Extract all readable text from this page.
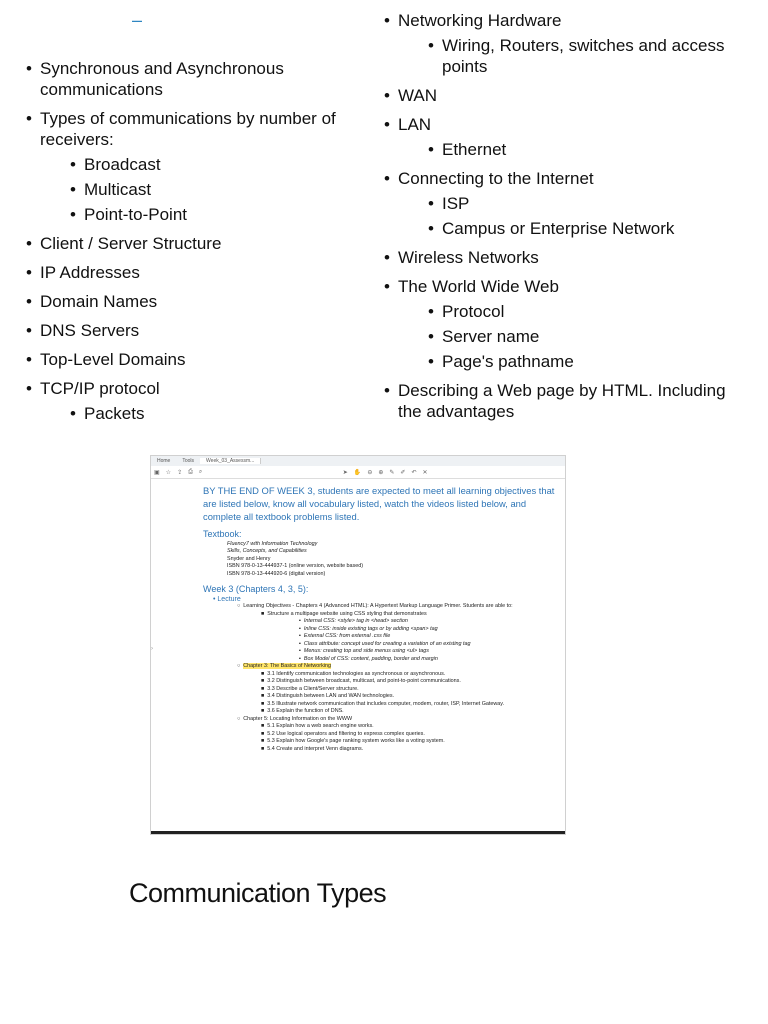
–
• Synchronous and Asynchronous communications
• Types of communications by number of receivers:
• Broadcast
• Multicast
• Point-to-Point
• Client / Server Structure
• IP Addresses
• Domain Names
• DNS Servers
• Top-Level Domains
• TCP/IP protocol
• Packets
• Networking Hardware
• Wiring, Routers, switches and access points
• WAN
• LAN
• Ethernet
• Connecting to the Internet
• ISP
• Campus or Enterprise Network
• Wireless Networks
• The World Wide Web
• Protocol
• Server name
• Page's pathname
• Describing a Web page by HTML. Including the advantages
Home	Tools	Week_03_Assessm...
▣ ☆ ⇪ ⎙ ⌕	➤ ✋ ⊖ ⊕ ✎ ✐ ↶ ✕
›
BY THE END OF WEEK 3, students are expected to meet all learning objectives that are listed below, know all vocabulary listed, watch the videos listed below, and complete all textbook problems listed.
Textbook:
Fluency7 with Information Technology
Skills, Concepts, and Capabilities
Snyder and Henry
ISBN 978-0-13-444937-1 (online version, website based)
ISBN 978-0-13-444920-6 (digital version)
Week 3 (Chapters 4, 3, 5):
• Lecture
○  Learning Objectives - Chapters 4 (Advanced HTML): A Hypertext Markup Language Primer. Students are able to:
■  Structure a multipage website using CSS styling that demonstrates
▪  Internal CSS: <style> tag in <head> section
▪  Inline CSS: inside existing tags or by adding <span> tag
▪  External CSS: from external .css file
▪  Class attribute: concept used for creating a variation of an existing tag
▪  Menus: creating top and side menus using <ul> tags
▪  Box Model of CSS: content, padding, border and margin
○  Chapter 3: The Basics of Networking
■  3.1 Identify communication technologies as synchronous or asynchronous.
■  3.2 Distinguish between broadcast, multicast, and point-to-point communications.
■  3.3 Describe a Client/Server structure.
■  3.4 Distinguish between LAN and WAN technologies.
■  3.5 Illustrate network communication that includes computer, modem, router, ISP, Internet Gateway.
■  3.6 Explain the function of DNS.
○  Chapter 5: Locating Information on the WWW
■  5.1 Explain how a web search engine works.
■  5.2 Use logical operators and filtering to express complex queries.
■  5.3 Explain how Google's page ranking system works like a voting system.
■  5.4 Create and interpret Venn diagrams.
Communication Types
